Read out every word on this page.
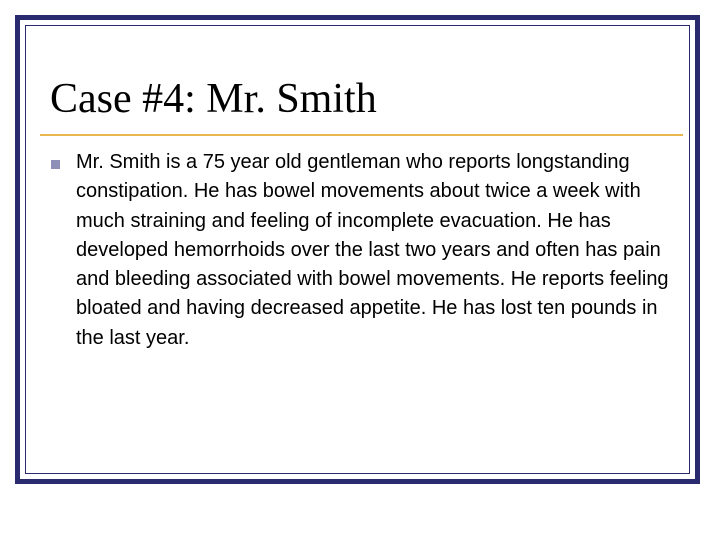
Case #4: Mr. Smith

Mr. Smith is a 75 year old gentleman who reports longstanding constipation. He has bowel movements about twice a week with much straining and feeling of incomplete evacuation. He has developed hemorrhoids over the last two years and often has pain and bleeding associated with bowel movements. He reports feeling bloated and having decreased appetite. He has lost ten pounds in the last year.
